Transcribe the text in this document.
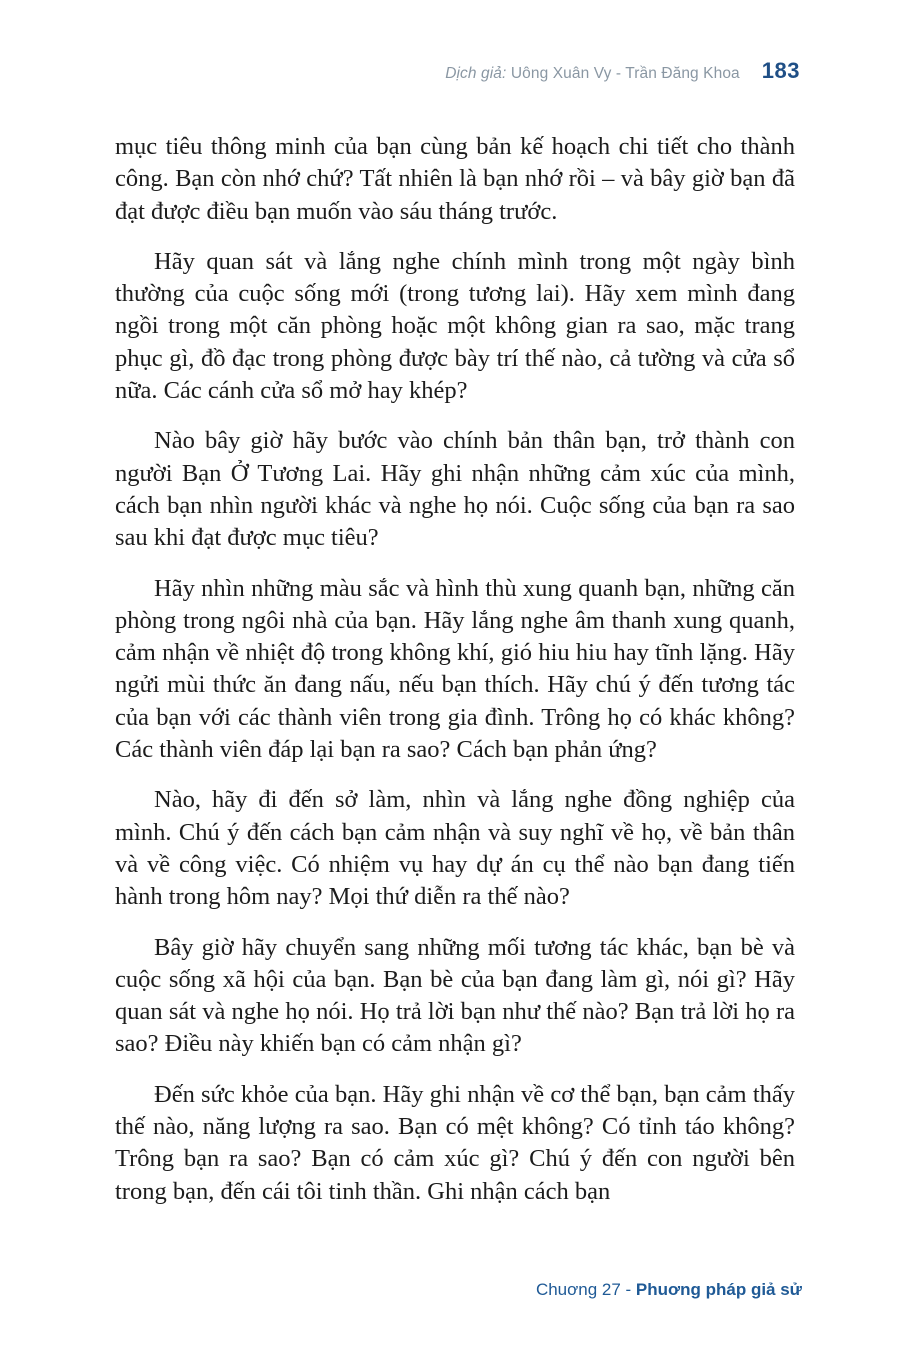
Dịch giả: Uông Xuân Vy - Trần Đăng Khoa 183

mục tiêu thông minh của bạn cùng bản kế hoạch chi tiết cho thành công. Bạn còn nhớ chứ? Tất nhiên là bạn nhớ rồi – và bây giờ bạn đã đạt được điều bạn muốn vào sáu tháng trước.

Hãy quan sát và lắng nghe chính mình trong một ngày bình thường của cuộc sống mới (trong tương lai). Hãy xem mình đang ngồi trong một căn phòng hoặc một không gian ra sao, mặc trang phục gì, đồ đạc trong phòng được bày trí thế nào, cả tường và cửa sổ nữa. Các cánh cửa sổ mở hay khép?

Nào bây giờ hãy bước vào chính bản thân bạn, trở thành con người Bạn Ở Tương Lai. Hãy ghi nhận những cảm xúc của mình, cách bạn nhìn người khác và nghe họ nói. Cuộc sống của bạn ra sao sau khi đạt được mục tiêu?

Hãy nhìn những màu sắc và hình thù xung quanh bạn, những căn phòng trong ngôi nhà của bạn. Hãy lắng nghe âm thanh xung quanh, cảm nhận về nhiệt độ trong không khí, gió hiu hiu hay tĩnh lặng. Hãy ngửi mùi thức ăn đang nấu, nếu bạn thích. Hãy chú ý đến tương tác của bạn với các thành viên trong gia đình. Trông họ có khác không? Các thành viên đáp lại bạn ra sao? Cách bạn phản ứng?

Nào, hãy đi đến sở làm, nhìn và lắng nghe đồng nghiệp của mình. Chú ý đến cách bạn cảm nhận và suy nghĩ về họ, về bản thân và về công việc. Có nhiệm vụ hay dự án cụ thể nào bạn đang tiến hành trong hôm nay? Mọi thứ diễn ra thế nào?

Bây giờ hãy chuyển sang những mối tương tác khác, bạn bè và cuộc sống xã hội của bạn. Bạn bè của bạn đang làm gì, nói gì? Hãy quan sát và nghe họ nói. Họ trả lời bạn như thế nào? Bạn trả lời họ ra sao? Điều này khiến bạn có cảm nhận gì?

Đến sức khỏe của bạn. Hãy ghi nhận về cơ thể bạn, bạn cảm thấy thế nào, năng lượng ra sao. Bạn có mệt không? Có tỉnh táo không? Trông bạn ra sao? Bạn có cảm xúc gì? Chú ý đến con người bên trong bạn, đến cái tôi tinh thần. Ghi nhận cách bạn

Chuơng 27 - Phuơng pháp giả sử
